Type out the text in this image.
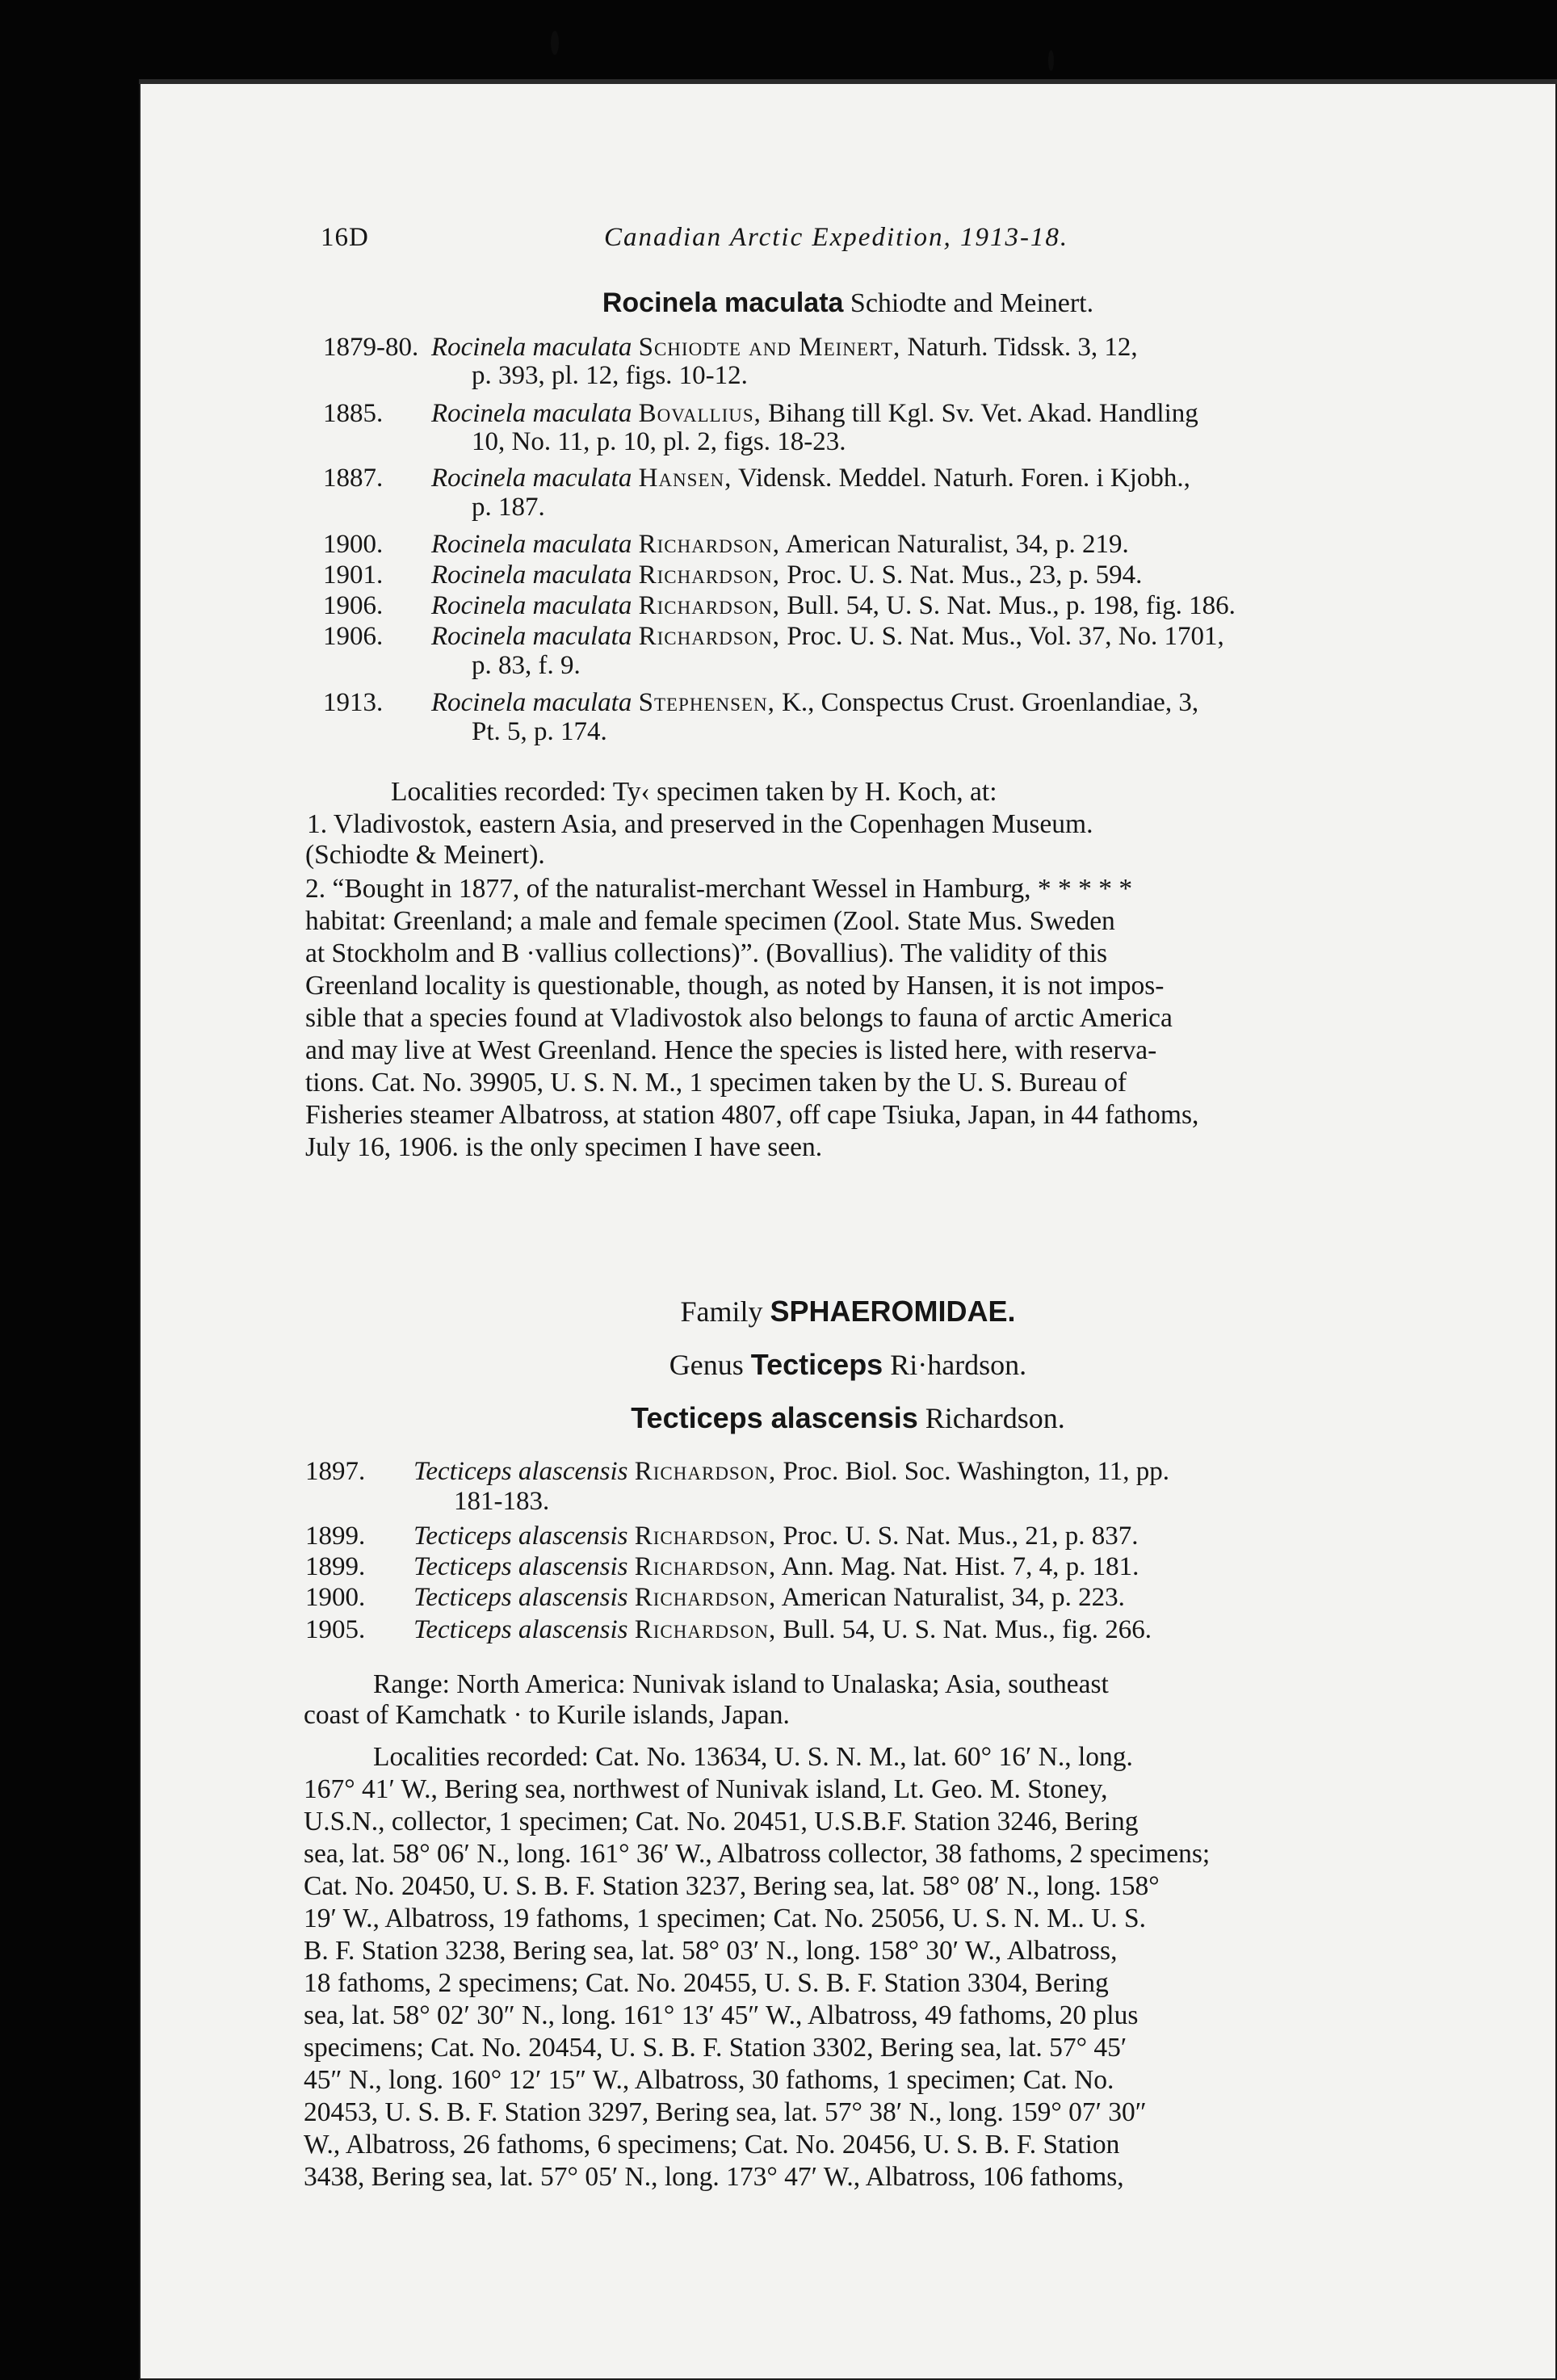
16D	Canadian Arctic Expedition, 1913-18.
Rocinela maculata Schiodte and Meinert.
1879-80. Rocinela maculata Schiodte and Meinert, Naturh. Tidssk. 3, 12,
p. 393, pl. 12, figs. 10-12.
1885. Rocinela maculata Bovallius, Bihang till Kgl. Sv. Vet. Akad. Handling
10, No. 11, p. 10, pl. 2, figs. 18-23.
1887. Rocinela maculata Hansen, Vidensk. Meddel. Naturh. Foren. i Kjobh.,
p. 187.
1900. Rocinela maculata Richardson, American Naturalist, 34, p. 219.
1901. Rocinela maculata Richardson, Proc. U. S. Nat. Mus., 23, p. 594.
1906. Rocinela maculata Richardson, Bull. 54, U. S. Nat. Mus., p. 198, fig. 186.
1906. Rocinela maculata Richardson, Proc. U. S. Nat. Mus., Vol. 37, No. 1701,
p. 83, f. 9.
1913. Rocinela maculata Stephensen, K., Conspectus Crust. Groenlandiae, 3,
Pt. 5, p. 174.
Localities recorded: Ty‹ specimen taken by H. Koch, at:
1. Vladivostok, eastern Asia, and preserved in the Copenhagen Museum.
(Schiodte & Meinert).
2. “Bought in 1877, of the naturalist-merchant Wessel in Hamburg, * * * * *
habitat: Greenland; a male and female specimen (Zool. State Mus. Sweden
at Stockholm and B ·vallius collections)”. (Bovallius). The validity of this
Greenland locality is questionable, though, as noted by Hansen, it is not impos-
sible that a species found at Vladivostok also belongs to fauna of arctic America
and may live at West Greenland. Hence the species is listed here, with reserva-
tions. Cat. No. 39905, U. S. N. M., 1 specimen taken by the U. S. Bureau of
Fisheries steamer Albatross, at station 4807, off cape Tsiuka, Japan, in 44 fathoms,
July 16, 1906. is the only specimen I have seen.
Family SPHAEROMIDAE.
Genus Tecticeps Ri·hardson.
Tecticeps alascensis Richardson.
1897. Tecticeps alascensis Richardson, Proc. Biol. Soc. Washington, 11, pp.
181-183.
1899. Tecticeps alascensis Richardson, Proc. U. S. Nat. Mus., 21, p. 837.
1899. Tecticeps alascensis Richardson, Ann. Mag. Nat. Hist. 7, 4, p. 181.
1900. Tecticeps alascensis Richardson, American Naturalist, 34, p. 223.
1905. Tecticeps alascensis Richardson, Bull. 54, U. S. Nat. Mus., fig. 266.
Range: North America: Nunivak island to Unalaska; Asia, southeast
coast of Kamchatk · to Kurile islands, Japan.
Localities recorded: Cat. No. 13634, U. S. N. M., lat. 60° 16′ N., long.
167° 41′ W., Bering sea, northwest of Nunivak island, Lt. Geo. M. Stoney,
U.S.N., collector, 1 specimen; Cat. No. 20451, U.S.B.F. Station 3246, Bering
sea, lat. 58° 06′ N., long. 161° 36′ W., Albatross collector, 38 fathoms, 2 specimens;
Cat. No. 20450, U. S. B. F. Station 3237, Bering sea, lat. 58° 08′ N., long. 158°
19′ W., Albatross, 19 fathoms, 1 specimen; Cat. No. 25056, U. S. N. M.. U. S.
B. F. Station 3238, Bering sea, lat. 58° 03′ N., long. 158° 30′ W., Albatross,
18 fathoms, 2 specimens; Cat. No. 20455, U. S. B. F. Station 3304, Bering
sea, lat. 58° 02′ 30″ N., long. 161° 13′ 45″ W., Albatross, 49 fathoms, 20 plus
specimens; Cat. No. 20454, U. S. B. F. Station 3302, Bering sea, lat. 57° 45′
45″ N., long. 160° 12′ 15″ W., Albatross, 30 fathoms, 1 specimen; Cat. No.
20453, U. S. B. F. Station 3297, Bering sea, lat. 57° 38′ N., long. 159° 07′ 30″
W., Albatross, 26 fathoms, 6 specimens; Cat. No. 20456, U. S. B. F. Station
3438, Bering sea, lat. 57° 05′ N., long. 173° 47′ W., Albatross, 106 fathoms,
